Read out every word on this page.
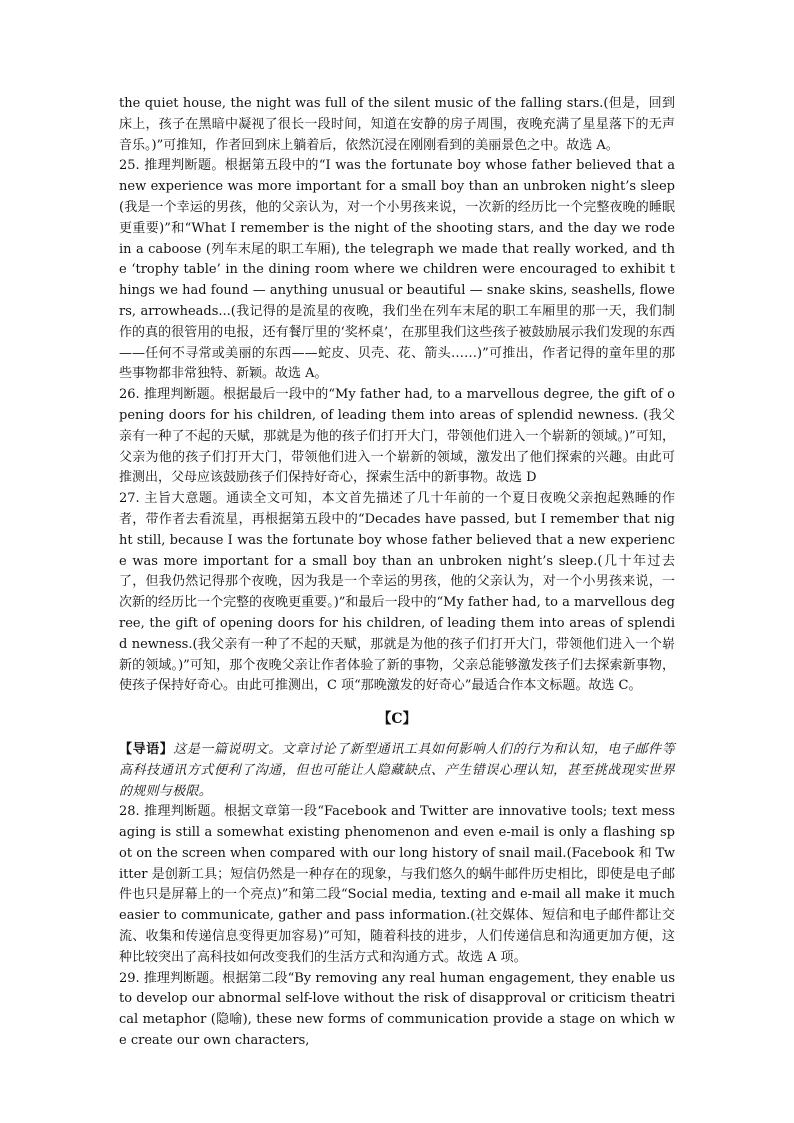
the quiet house, the night was full of the silent music of the falling stars.(但是，回到床上，孩子在黑暗中凝视了很长一段时间，知道在安静的房子周围，夜晚充满了星星落下的无声音乐。)”可推知，作者回到床上躺着后，依然沉浸在刚刚看到的美丽景色之中。故选 A。

25. 推理判断题。根据第五段中的“I was the fortunate boy whose father believed that a new experience was more important for a small boy than an unbroken night’s sleep(我是一个幸运的男孩，他的父亲认为，对一个小男孩来说，一次新的经历比一个完整夜晚的睡眠更重要)”和“What I remember is the night of the shooting stars, and the day we rode in a caboose (列车末尾的职工车厢), the telegraph we made that really worked, and the ‘trophy table’ in the dining room where we children were encouraged to exhibit things we had found — anything unusual or beautiful — snake skins, seashells, flowers, arrowheads...(我记得的是流星的夜晚，我们坐在列车末尾的职工车厢里的那一天，我们制作的真的很管用的电报，还有餐厅里的‘奖杯桌’，在那里我们这些孩子被鼓励展示我们发现的东西——任何不寻常或美丽的东西——蛇皮、贝壳、花、箭头……)”可推出，作者记得的童年里的那些事物都非常独特、新颖。故选 A。

26. 推理判断题。根据最后一段中的“My father had, to a marvellous degree, the gift of opening doors for his children, of leading them into areas of splendid newness. (我父亲有一种了不起的天赋，那就是为他的孩子们打开大门，带领他们进入一个崭新的领域。)”可知，父亲为他的孩子们打开大门，带领他们进入一个崭新的领域，激发出了他们探索的兴趣。由此可推测出，父母应该鼓励孩子们保持好奇心，探索生活中的新事物。故选 D

27. 主旨大意题。通读全文可知，本文首先描述了几十年前的一个夏日夜晚父亲抱起熟睡的作者，带作者去看流星，再根据第五段中的“Decades have passed, but I remember that night still, because I was the fortunate boy whose father believed that a new experience was more important for a small boy than an unbroken night’s sleep.(几十年过去了，但我仍然记得那个夜晚，因为我是一个幸运的男孩，他的父亲认为，对一个小男孩来说，一次新的经历比一个完整的夜晚更重要。)”和最后一段中的“My father had, to a marvellous degree, the gift of opening doors for his children, of leading them into areas of splendid newness.(我父亲有一种了不起的天赋，那就是为他的孩子们打开大门，带领他们进入一个崭新的领域。)”可知，那个夜晚父亲让作者体验了新的事物，父亲总能够激发孩子们去探索新事物，使孩子保持好奇心。由此可推测出，C 项“那晚激发的好奇心”最适合作本文标题。故选 C。

【C】

【导语】这是一篇说明文。文章讨论了新型通讯工具如何影响人们的行为和认知，电子邮件等高科技通讯方式便利了沟通，但也可能让人隐藏缺点、产生错误心理认知，甚至挑战现实世界的规则与极限。

28. 推理判断题。根据文章第一段“Facebook and Twitter are innovative tools; text messaging is still a somewhat existing phenomenon and even e-mail is only a flashing spot on the screen when compared with our long history of snail mail.(Facebook 和 Twitter 是创新工具；短信仍然是一种存在的现象，与我们悠久的蜗牛邮件历史相比，即使是电子邮件也只是屏幕上的一个亮点)”和第二段“Social media, texting and e-mail all make it much easier to communicate, gather and pass information.(社交媒体、短信和电子邮件都让交流、收集和传递信息变得更加容易)”可知，随着科技的进步，人们传递信息和沟通更加方便，这种比较突出了高科技如何改变我们的生活方式和沟通方式。故选 A 项。

29. 推理判断题。根据第二段“By removing any real human engagement, they enable us to develop our abnormal self-love without the risk of disapproval or criticism theatrical metaphor (隐喻), these new forms of communication provide a stage on which we create our own characters,
